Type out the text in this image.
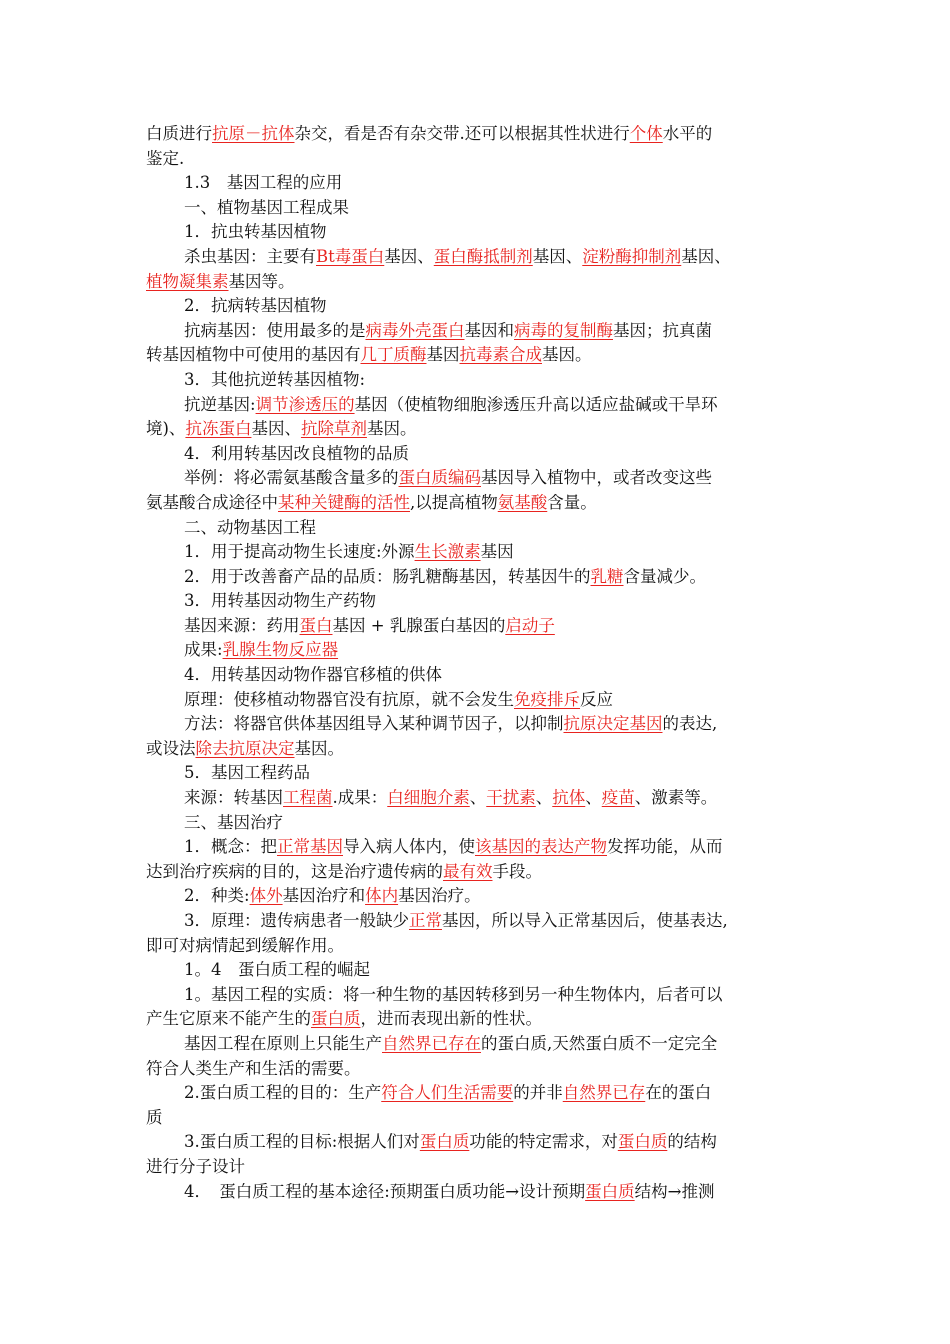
白质进行抗原－抗体杂交，看是否有杂交带.还可以根据其性状进行个体水平的
鉴定.
1.3　基因工程的应用
一、植物基因工程成果
1．抗虫转基因植物
杀虫基因：主要有Bt毒蛋白基因、蛋白酶抵制剂基因、淀粉酶抑制剂基因、
植物凝集素基因等。
2．抗病转基因植物
抗病基因：使用最多的是病毒外壳蛋白基因和病毒的复制酶基因；抗真菌
转基因植物中可使用的基因有几丁质酶基因抗毒素合成基因。
3．其他抗逆转基因植物:
抗逆基因:调节渗透压的基因（使植物细胞渗透压升高以适应盐碱或干旱环
境)、抗冻蛋白基因、抗除草剂基因。
4．利用转基因改良植物的品质
举例：将必需氨基酸含量多的蛋白质编码基因导入植物中，或者改变这些
氨基酸合成途径中某种关键酶的活性,以提高植物氨基酸含量。
二、动物基因工程
1．用于提高动物生长速度:外源生长激素基因
2．用于改善畜产品的品质：肠乳糖酶基因，转基因牛的乳糖含量减少。
3．用转基因动物生产药物
基因来源：药用蛋白基因 + 乳腺蛋白基因的启动子
成果:乳腺生物反应器
4．用转基因动物作器官移植的供体
原理：使移植动物器官没有抗原，就不会发生免疫排斥反应
方法：将器官供体基因组导入某种调节因子，以抑制抗原决定基因的表达,
或设法除去抗原决定基因。
5．基因工程药品
来源：转基因工程菌.成果：白细胞介素、干扰素、抗体、疫苗、激素等。
三、基因治疗
1．概念：把正常基因导入病人体内，使该基因的表达产物发挥功能，从而
达到治疗疾病的目的，这是治疗遗传病的最有效手段。
2．种类:体外基因治疗和体内基因治疗。
3．原理：遗传病患者一般缺少正常基因，所以导入正常基因后，使基表达,
即可对病情起到缓解作用。
1。4　蛋白质工程的崛起
1。基因工程的实质：将一种生物的基因转移到另一种生物体内，后者可以
产生它原来不能产生的蛋白质，进而表现出新的性状。
基因工程在原则上只能生产自然界已存在的蛋白质,天然蛋白质不一定完全
符合人类生产和生活的需要。
2.蛋白质工程的目的：生产符合人们生活需要的并非自然界已存在的蛋白
质
3.蛋白质工程的目标:根据人们对蛋白质功能的特定需求，对蛋白质的结构
进行分子设计
4．　蛋白质工程的基本途径:预期蛋白质功能→设计预期蛋白质结构→推测
